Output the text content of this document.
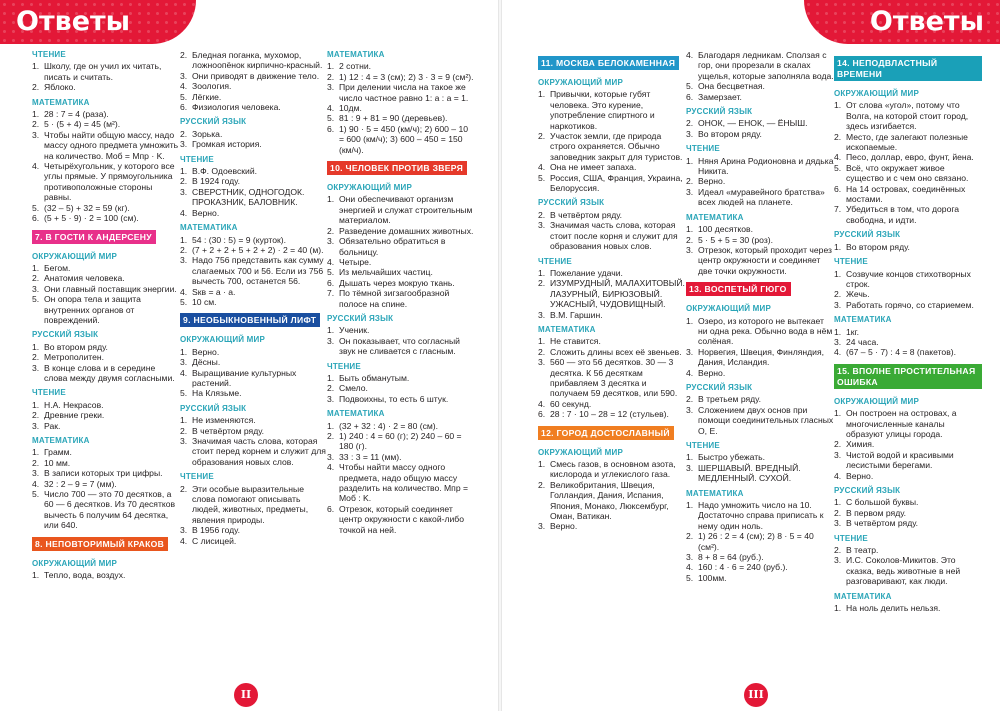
Ответы	Ответы
ЧТЕНИЕ
1. Школу, где он учил их читать, писать и считать.
2. Яблоко.
МАТЕМАТИКА
1. 28 : 7 = 4 (раза).
2. 5 · (5 + 4) = 45 (м²).
3. Чтобы найти общую массу, надо массу одного предмета умножить на количество. Mоб = Mпр · K.
4. Четырёхугольник, у которого все углы прямые. У прямоугольника противоположные стороны равны.
5. (32 – 5) + 32 = 59 (кг).
6. (5 + 5 · 9) · 2 = 100 (см).
7. В ГОСТИ К АНДЕРСЕНУ
ОКРУЖАЮЩИЙ МИР
1. Бегом.
2. Анатомия человека.
3. Они главный поставщик энергии.
5. Он опора тела и защита внутренних органов от повреждений.
РУССКИЙ ЯЗЫК
1. Во втором ряду.
2. Метрополитен.
3. В конце слова и в середине слова между двумя согласными.
ЧТЕНИЕ
1. Н.А. Некрасов.
2. Древние греки.
3. Рак.
МАТЕМАТИКА
1. Грамм.
2. 10 мм.
3. В записи которых три цифры.
4. 32 : 2 – 9 = 7 (мм).
5. Число 700 — это 70 десятков, а 60 — 6 десятков. Из 70 десятков вычесть 6 получим 64 десятка, или 640.
8. НЕПОВТОРИМЫЙ КРАКОВ
ОКРУЖАЮЩИЙ МИР
1. Тепло, вода, воздух.
2. Бледная поганка, мухомор, ложноопёнок кирпично-красный.
3. Они приводят в движение тело.
4. Зоология.
5. Лёгкие.
6. Физиология человека.
РУССКИЙ ЯЗЫК
2. Зорька.
3. Громкая история.
ЧТЕНИЕ
1. В.Ф. Одоевский.
2. В 1924 году.
3. СВЕРСТНИК, ОДНОГОДОК. ПРОКАЗНИК, БАЛОВНИК.
4. Верно.
МАТЕМАТИКА
1. 54 : (30 : 5) = 9 (курток).
2. (7 + 2 + 2 + 5 + 2 + 2) · 2 = 40 (м).
3. Надо 756 представить как сумму слагаемых 700 и 56. Если из 756 вычесть 700, останется 56.
4. Sкв = a · a.
5. 10 см.
9. НЕОБЫКНОВЕННЫЙ ЛИФТ
ОКРУЖАЮЩИЙ МИР
1. Верно.
3. Дёсны.
4. Выращивание культурных растений.
5. На Клязьме.
РУССКИЙ ЯЗЫК
1. Не изменяются.
2. В четвёртом ряду.
3. Значимая часть слова, которая стоит перед корнем и служит для образования новых слов.
ЧТЕНИЕ
2. Эти особые выразительные слова помогают описывать людей, животных, предметы, явления природы.
3. В 1956 году.
4. С лисицей.
МАТЕМАТИКА
1. 2 сотни.
2. 1) 12 : 4 = 3 (см); 2) 3 · 3 = 9 (см²).
3. При делении числа на такое же число частное равно 1: a : a = 1.
4. 10дм.
5. 81 : 9 + 81 = 90 (деревьев).
6. 1) 90 · 5 = 450 (км/ч); 2) 600 – 10 = 600 (км/ч); 3) 600 – 450 = 150 (км/ч).
10. ЧЕЛОВЕК ПРОТИВ ЗВЕРЯ
ОКРУЖАЮЩИЙ МИР
1. Они обеспечивают организм энергией и служат строительным материалом.
2. Разведение домашних животных.
3. Обязательно обратиться в больницу.
4. Четыре.
5. Из мельчайших частиц.
6. Дышать через мокрую ткань.
7. По тёмной зигзагообразной полосе на спине.
РУССКИЙ ЯЗЫК
1. Ученик.
3. Он показывает, что согласный звук не сливается с гласным.
ЧТЕНИЕ
1. Быть обманутым.
2. Смело.
3. Подвоихны, то есть 6 штук.
МАТЕМАТИКА
1. (32 + 32 : 4) · 2 = 80 (см).
2. 1) 240 : 4 = 60 (г); 2) 240 – 60 = 180 (г).
3. 33 : 3 = 11 (мм).
4. Чтобы найти массу одного предмета, надо общую массу разделить на количество. Mпр = Mоб : K.
6. Отрезок, который соединяет центр окружности с какой-либо точкой на ней.
11. МОСКВА БЕЛОКАМЕННАЯ
ОКРУЖАЮЩИЙ МИР
1. Привычки, которые губят человека. Это курение, употребление спиртного и наркотиков.
2. Участок земли, где природа строго охраняется. Обычно заповедник закрыт для туристов.
4. Она не имеет запаха.
5. Россия, США, Франция, Украина, Белоруссия.
РУССКИЙ ЯЗЫК
2. В четвёртом ряду.
3. Значимая часть слова, которая стоит после корня и служит для образования новых слов.
ЧТЕНИЕ
1. Пожелание удачи.
2. ИЗУМРУДНЫЙ, МАЛАХИТОВЫЙ. ЛАЗУРНЫЙ, БИРЮЗОВЫЙ. УЖАСНЫЙ, ЧУДОВИЩНЫЙ.
3. В.М. Гаршин.
МАТЕМАТИКА
1. Не ставится.
2. Сложить длины всех её звеньев.
3. 560 — это 56 десятков. 30 — 3 десятка. К 56 десяткам прибавляем 3 десятка и получаем 59 десятков, или 590.
4. 60 секунд.
6. 28 : 7 · 10 – 28 = 12 (стульев).
12. ГОРОД ДОСТОСЛАВНЫЙ
ОКРУЖАЮЩИЙ МИР
1. Смесь газов, в основном азота, кислорода и углекислого газа.
2. Великобритания, Швеция, Голландия, Дания, Испания, Япония, Монако, Люксембург, Оман, Ватикан.
3. Верно.
4. Благодаря ледникам. Сползая с гор, они прорезали в скалах ущелья, которые заполняла вода.
5. Она бесцветная.
6. Замерзает.
РУССКИЙ ЯЗЫК
2. ОНОК, — ЕНОК, — ЁНЫШ.
3. Во втором ряду.
ЧТЕНИЕ
1. Няня Арина Родионовна и дядька Никита.
2. Верно.
3. Идеал «муравейного братства» всех людей на планете.
МАТЕМАТИКА
1. 100 десятков.
2. 5 · 5 + 5 = 30 (роз).
3. Отрезок, который проходит через центр окружности и соединяет две точки окружности.
13. ВОСПЕТЫЙ ГЮГО
ОКРУЖАЮЩИЙ МИР
1. Озеро, из которого не вытекает ни одна река. Обычно вода в нём солёная.
3. Норвегия, Швеция, Финляндия, Дания, Исландия.
4. Верно.
РУССКИЙ ЯЗЫК
2. В третьем ряду.
3. Сложением двух основ при помощи соединительных гласных О, Е.
ЧТЕНИЕ
1. Быстро убежать.
3. ШЕРШАВЫЙ. ВРЕДНЫЙ. МЕДЛЕННЫЙ. СУХОЙ.
МАТЕМАТИКА
1. Надо умножить число на 10. Достаточно справа приписать к нему один ноль.
2. 1) 26 : 2 = 4 (см); 2) 8 · 5 = 40 (см²).
3. 8 + 8 = 64 (руб.).
4. 160 : 4 · 6 = 240 (руб.).
5. 100мм.
14. НЕПОДВЛАСТНЫЙ ВРЕМЕНИ
ОКРУЖАЮЩИЙ МИР
1. От слова «угол», потому что Волга, на которой стоит город, здесь изгибается.
2. Место, где залегают полезные ископаемые.
4. Песо, доллар, евро, фунт, йена.
5. Всё, что окружает живое существо и с чем оно связано.
6. На 14 островах, соединённых мостами.
7. Убедиться в том, что дорога свободна, и идти.
РУССКИЙ ЯЗЫК
1. Во втором ряду.
ЧТЕНИЕ
1. Созвучие концов стихотворных строк.
2. Жечь.
3. Работать горячо, со стариемем.
МАТЕМАТИКА
1. 1кг.
3. 24 часа.
4. (67 – 5 · 7) : 4 = 8 (пакетов).
15. ВПОЛНЕ ПРОСТИТЕЛЬНАЯ ОШИБКА
ОКРУЖАЮЩИЙ МИР
1. Он построен на островах, а многочисленные каналы образуют улицы города.
2. Химия.
3. Чистой водой и красивыми лесистыми берегами.
4. Верно.
РУССКИЙ ЯЗЫК
1. С большой буквы.
2. В первом ряду.
3. В четвёртом ряду.
ЧТЕНИЕ
2. В театр.
3. И.С. Соколов-Микитов. Это сказка, ведь животные в ней разговаривают, как люди.
МАТЕМАТИКА
1. На ноль делить нельзя.
II	III
